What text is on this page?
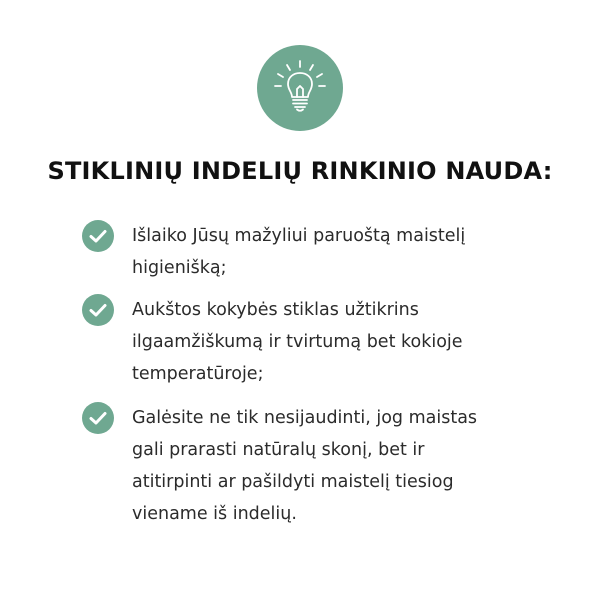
STIKLINIŲ INDELIŲ RINKINIO NAUDA:
Išlaiko Jūsų mažyliui paruoštą maistelį
higienišką;
Aukštos kokybės stiklas užtikrins
ilgaamžiškumą ir tvirtumą bet kokioje
temperatūroje;
Galėsite ne tik nesijaudinti, jog maistas
gali prarasti natūralų skonį, bet ir
atitirpinti ar pašildyti maistelį tiesiog
viename iš indelių.
